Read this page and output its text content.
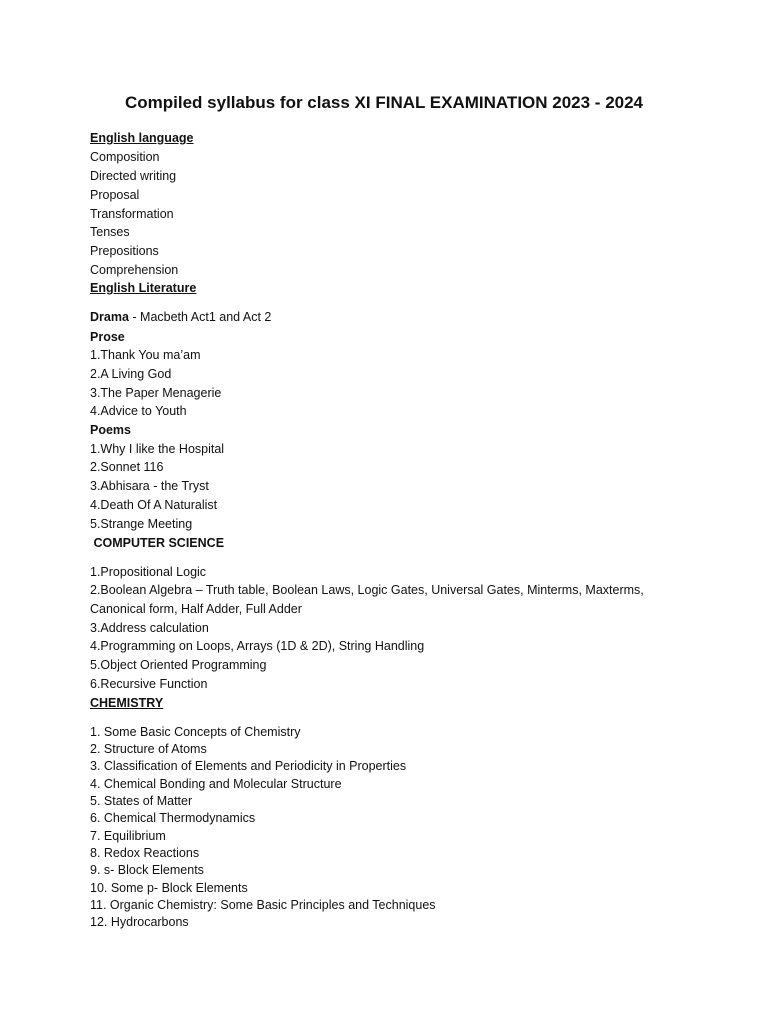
Compiled syllabus for class XI FINAL EXAMINATION 2023 - 2024
English language
Composition
Directed writing
Proposal
Transformation
Tenses
Prepositions
Comprehension
English Literature
Drama - Macbeth Act1 and Act 2
Prose
1.Thank You ma’am
2.A Living God
3.The Paper Menagerie
4.Advice to Youth
Poems
1.Why I like the Hospital
2.Sonnet 116
3.Abhisara - the Tryst
4.Death Of A Naturalist
5.Strange Meeting
COMPUTER SCIENCE
1.Propositional Logic
2.Boolean Algebra – Truth table, Boolean Laws, Logic Gates, Universal Gates, Minterms, Maxterms,
Canonical form, Half Adder, Full Adder
3.Address calculation
4.Programming on Loops, Arrays (1D & 2D), String Handling
5.Object Oriented Programming
6.Recursive Function
CHEMISTRY
1. Some Basic Concepts of Chemistry
2. Structure of Atoms
3. Classification of Elements and Periodicity in Properties
4. Chemical Bonding and Molecular Structure
5. States of Matter
6. Chemical Thermodynamics
7. Equilibrium
8. Redox Reactions
9. s- Block Elements
10. Some p- Block Elements
11. Organic Chemistry: Some Basic Principles and Techniques
12. Hydrocarbons
